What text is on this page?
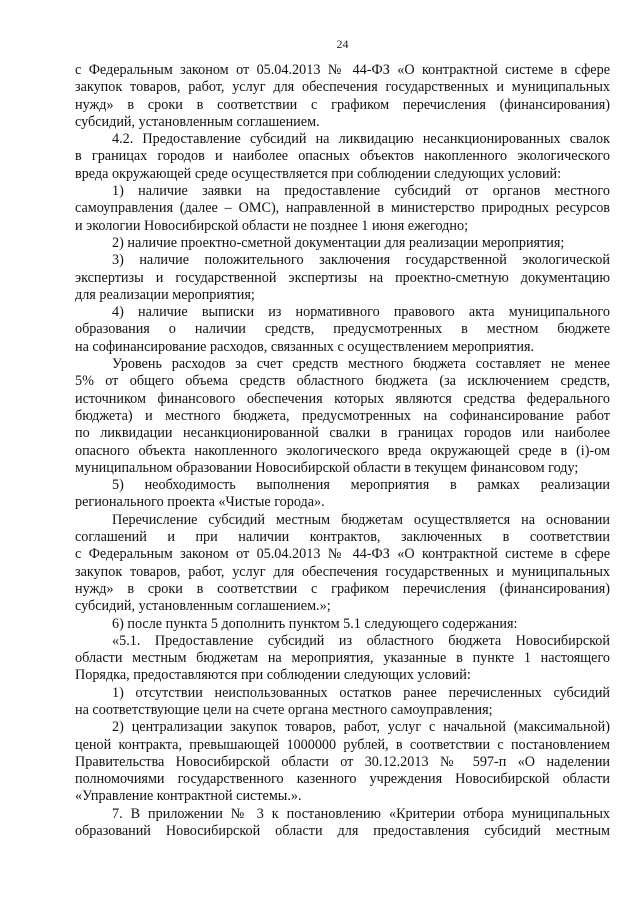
24
с Федеральным законом от 05.04.2013 № 44-ФЗ «О контрактной системе в сфере
закупок товаров, работ, услуг для обеспечения государственных и муниципальных
нужд» в сроки в соответствии с графиком перечисления (финансирования)
субсидий, установленным соглашением.
4.2. Предоставление субсидий на ликвидацию несанкционированных свалок
в границах городов и наиболее опасных объектов накопленного экологического
вреда окружающей среде осуществляется при соблюдении следующих условий:
1) наличие заявки на предоставление субсидий от органов местного
самоуправления (далее – ОМС), направленной в министерство природных ресурсов
и экологии Новосибирской области не позднее 1 июня ежегодно;
2) наличие проектно-сметной документации для реализации мероприятия;
3) наличие положительного заключения государственной экологической
экспертизы и государственной экспертизы на проектно-сметную документацию
для реализации мероприятия;
4) наличие выписки из нормативного правового акта муниципального
образования о наличии средств, предусмотренных в местном бюджете
на софинансирование расходов, связанных с осуществлением мероприятия.
Уровень расходов за счет средств местного бюджета составляет не менее
5% от общего объема средств областного бюджета (за исключением средств,
источником финансового обеспечения которых являются средства федерального
бюджета) и местного бюджета, предусмотренных на софинансирование работ
по ликвидации несанкционированной свалки в границах городов или наиболее
опасного объекта накопленного экологического вреда окружающей среде в (i)-ом
муниципальном образовании Новосибирской области в текущем финансовом году;
5) необходимость выполнения мероприятия в рамках реализации
регионального проекта «Чистые города».
Перечисление субсидий местным бюджетам осуществляется на основании
соглашений и при наличии контрактов, заключенных в соответствии
с Федеральным законом от 05.04.2013 № 44-ФЗ «О контрактной системе в сфере
закупок товаров, работ, услуг для обеспечения государственных и муниципальных
нужд» в сроки в соответствии с графиком перечисления (финансирования)
субсидий, установленным соглашением.»;
6) после пункта 5 дополнить пунктом 5.1 следующего содержания:
«5.1. Предоставление субсидий из областного бюджета Новосибирской
области местным бюджетам на мероприятия, указанные в пункте 1 настоящего
Порядка, предоставляются при соблюдении следующих условий:
1) отсутствии неиспользованных остатков ранее перечисленных субсидий
на соответствующие цели на счете органа местного самоуправления;
2) централизации закупок товаров, работ, услуг с начальной (максимальной)
ценой контракта, превышающей 1000000 рублей, в соответствии с постановлением
Правительства Новосибирской области от 30.12.2013 № 597-п «О наделении
полномочиями государственного казенного учреждения Новосибирской области
«Управление контрактной системы.».
7. В приложении № 3 к постановлению «Критерии отбора муниципальных
образований Новосибирской области для предоставления субсидий местным
